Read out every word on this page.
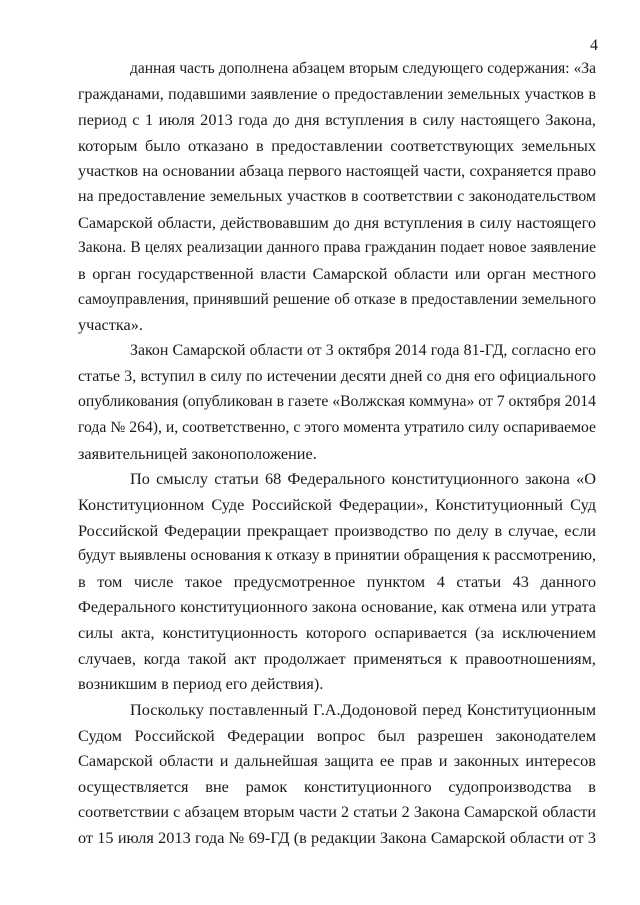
4
данная часть дополнена абзацем вторым следующего содержания: «За
гражданами, подавшими заявление о предоставлении земельных участков в
период с 1 июля 2013 года до дня вступления в силу настоящего Закона,
которым было отказано в предоставлении соответствующих земельных
участков на основании абзаца первого настоящей части, сохраняется право
на предоставление земельных участков в соответствии с законодательством
Самарской области, действовавшим до дня вступления в силу настоящего
Закона. В целях реализации данного права гражданин подает новое заявление
в орган государственной власти Самарской области или орган местного
самоуправления, принявший решение об отказе в предоставлении земельного
участка».
Закон Самарской области от 3 октября 2014 года 81-ГД, согласно его
статье 3, вступил в силу по истечении десяти дней со дня его официального
опубликования (опубликован в газете «Волжская коммуна» от 7 октября 2014
года № 264), и, соответственно, с этого момента утратило силу оспариваемое
заявительницей законоположение.
По смыслу статьи 68 Федерального конституционного закона «О
Конституционном Суде Российской Федерации», Конституционный Суд
Российской Федерации прекращает производство по делу в случае, если
будут выявлены основания к отказу в принятии обращения к рассмотрению,
в том числе такое предусмотренное пунктом 4 статьи 43 данного
Федерального конституционного закона основание, как отмена или утрата
силы акта, конституционность которого оспаривается (за исключением
случаев, когда такой акт продолжает применяться к правоотношениям,
возникшим в период его действия).
Поскольку поставленный Г.А.Додоновой перед Конституционным
Судом Российской Федерации вопрос был разрешен законодателем
Самарской области и дальнейшая защита ее прав и законных интересов
осуществляется вне рамок конституционного судопроизводства в
соответствии с абзацем вторым части 2 статьи 2 Закона Самарской области
от 15 июля 2013 года № 69-ГД (в редакции Закона Самарской области от 3
